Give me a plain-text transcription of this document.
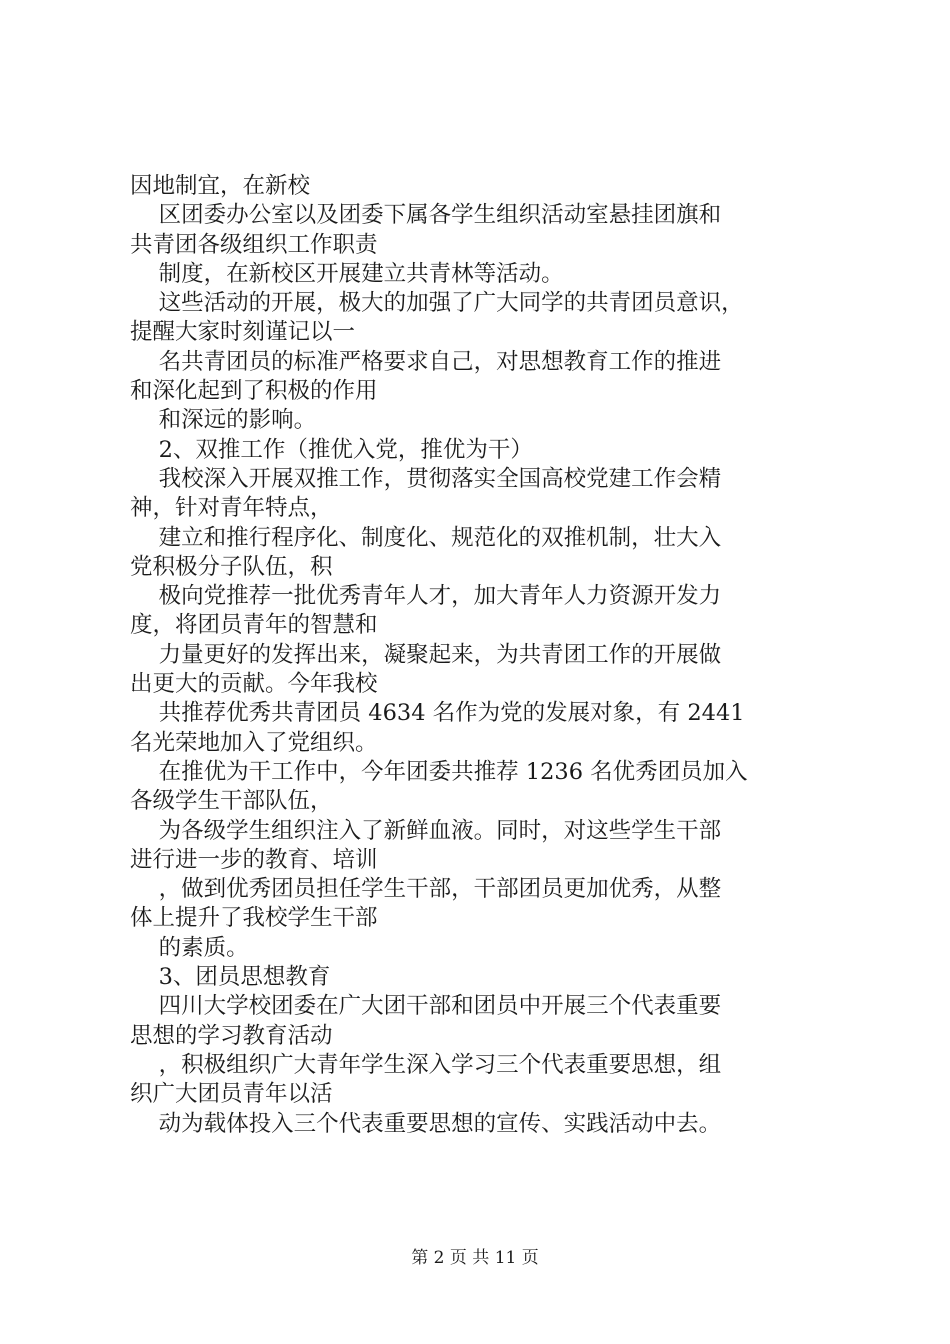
因地制宜，在新校
区团委办公室以及团委下属各学生组织活动室悬挂团旗和
共青团各级组织工作职责
制度，在新校区开展建立共青林等活动。
这些活动的开展，极大的加强了广大同学的共青团员意识，
提醒大家时刻谨记以一
名共青团员的标准严格要求自己，对思想教育工作的推进
和深化起到了积极的作用
和深远的影响。
2、双推工作（推优入党，推优为干）
我校深入开展双推工作，贯彻落实全国高校党建工作会精
神，针对青年特点，
建立和推行程序化、制度化、规范化的双推机制，壮大入
党积极分子队伍，积
极向党推荐一批优秀青年人才，加大青年人力资源开发力
度，将团员青年的智慧和
力量更好的发挥出来，凝聚起来，为共青团工作的开展做
出更大的贡献。今年我校
共推荐优秀共青团员 4634 名作为党的发展对象，有 2441
名光荣地加入了党组织。
在推优为干工作中，今年团委共推荐 1236 名优秀团员加入
各级学生干部队伍，
为各级学生组织注入了新鲜血液。同时，对这些学生干部
进行进一步的教育、培训
，做到优秀团员担任学生干部，干部团员更加优秀，从整
体上提升了我校学生干部
的素质。
3、团员思想教育
四川大学校团委在广大团干部和团员中开展三个代表重要
思想的学习教育活动
，积极组织广大青年学生深入学习三个代表重要思想，组
织广大团员青年以活
动为载体投入三个代表重要思想的宣传、实践活动中去。
第 2 页 共 11 页
